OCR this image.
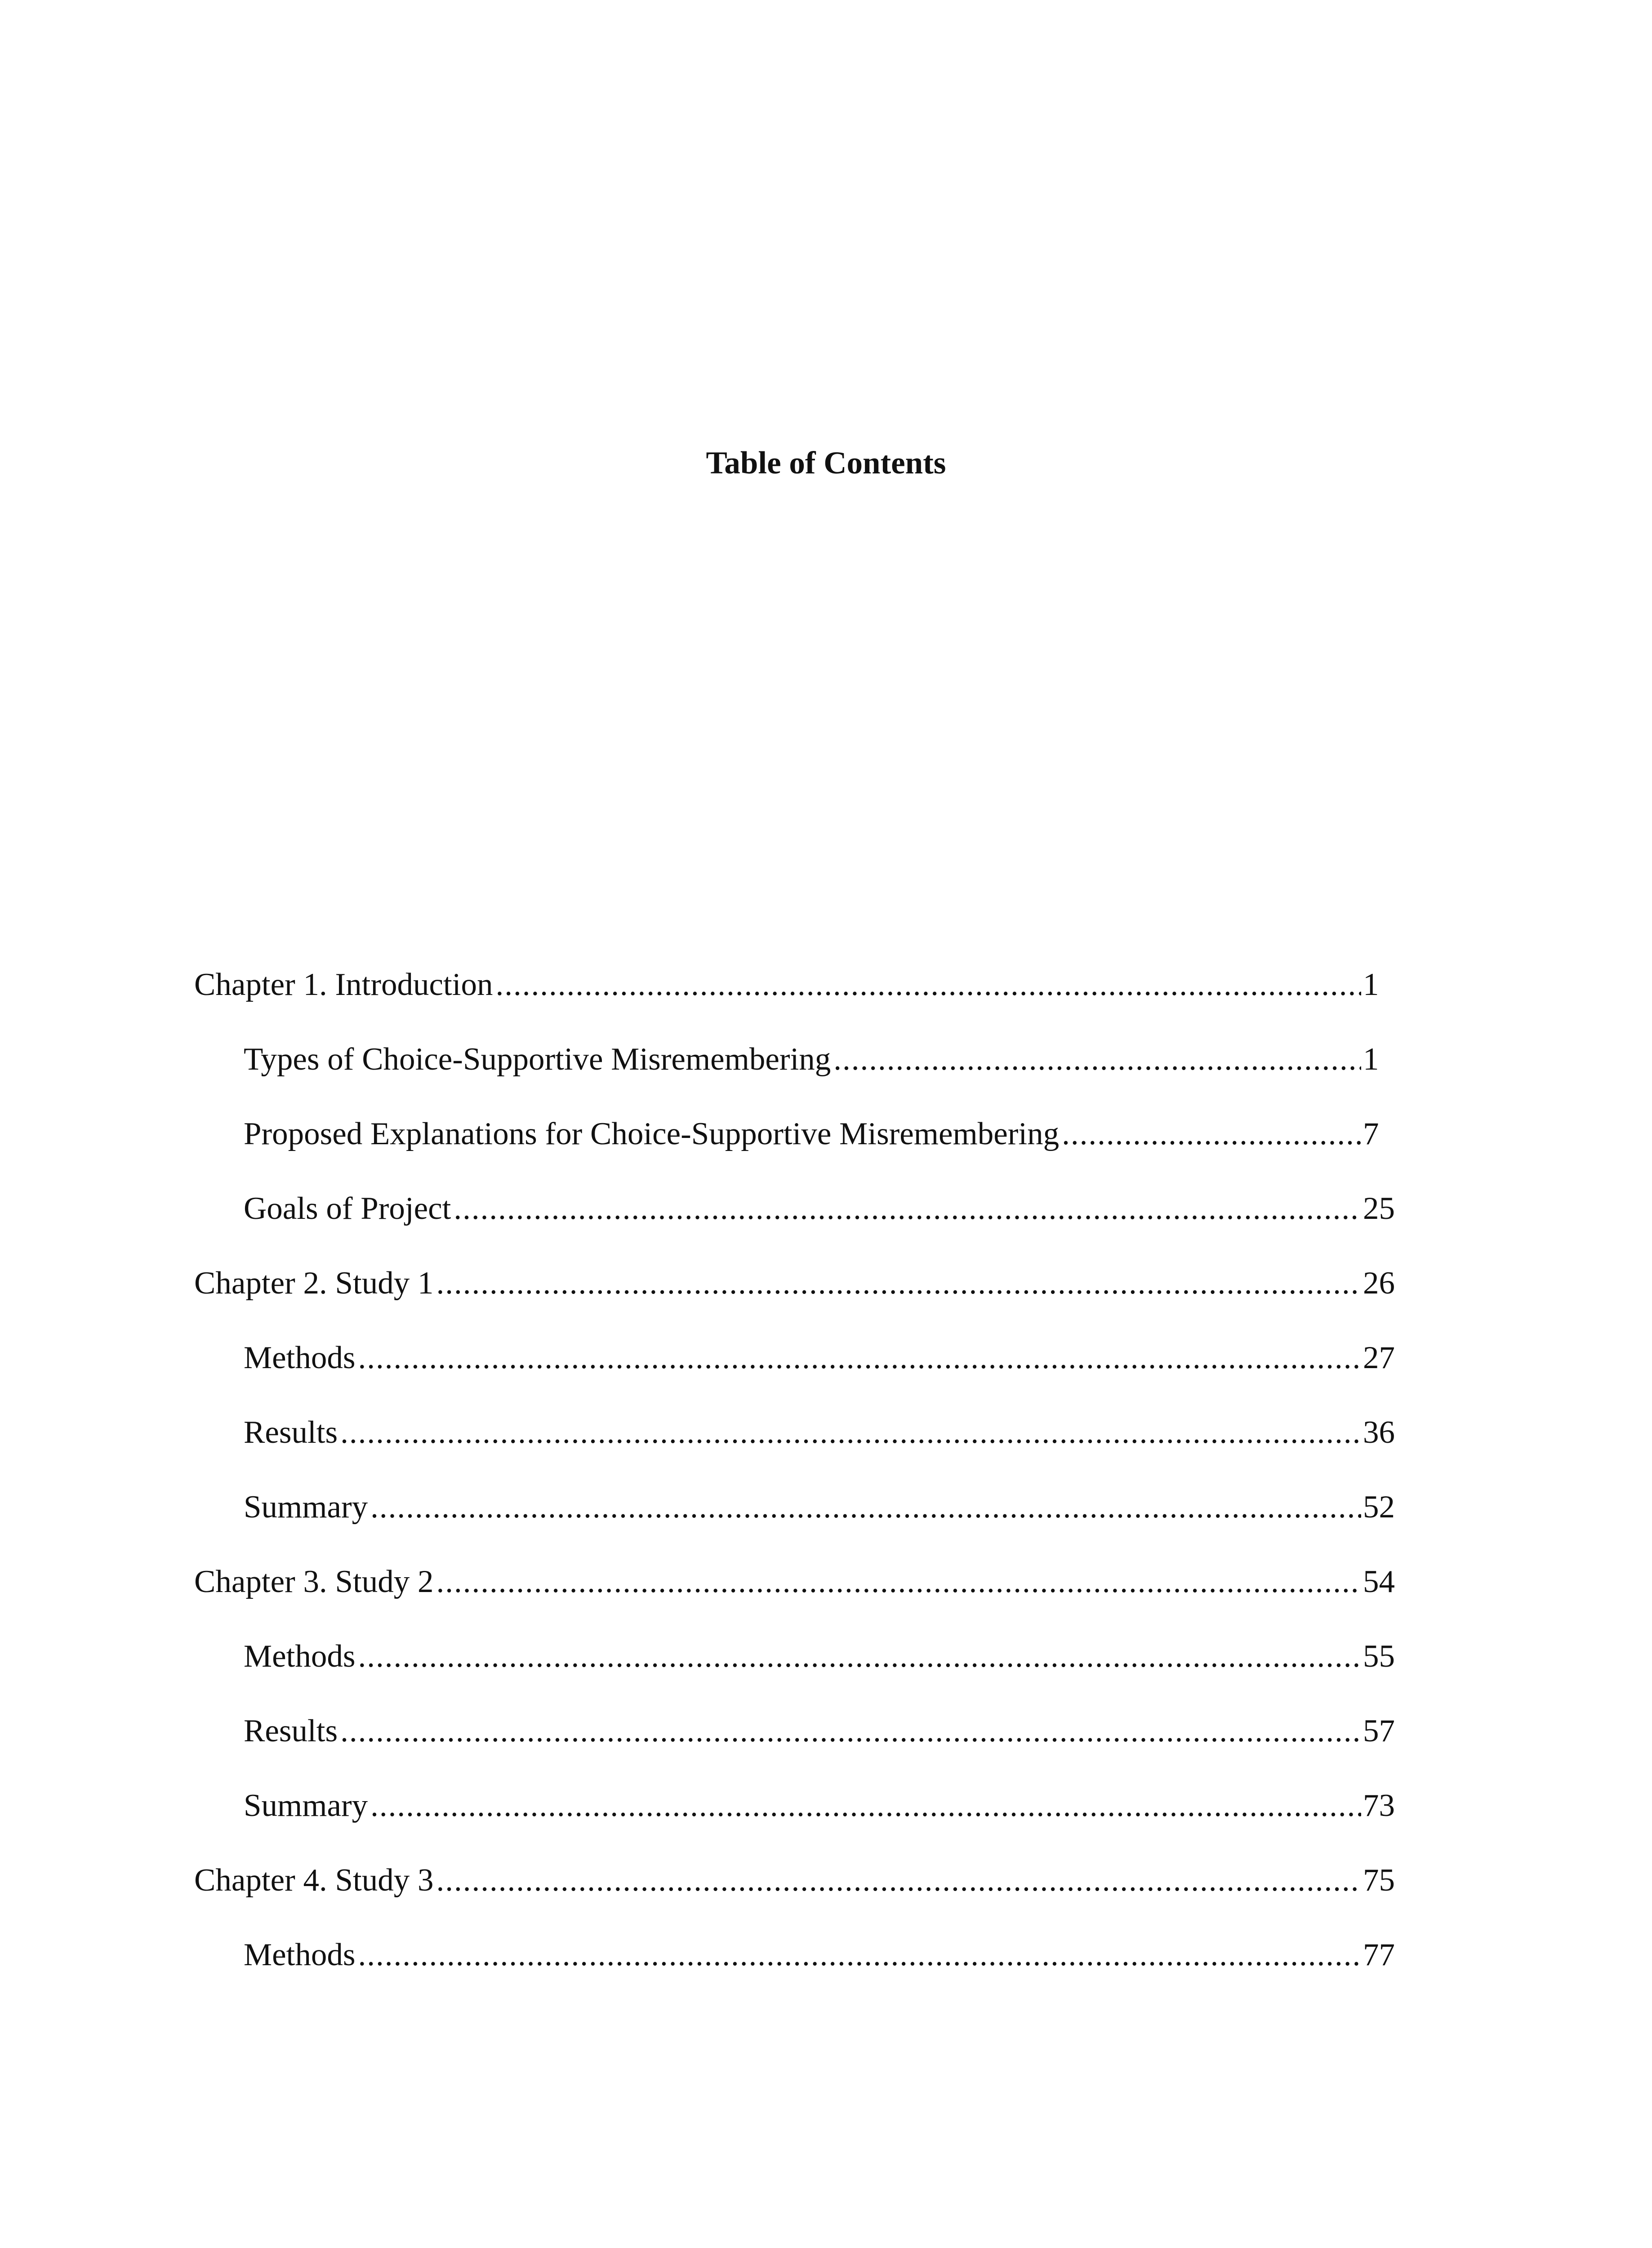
Table of Contents
Chapter 1. Introduction .....	1
Types of Choice-Supportive Misremembering .....	1
Proposed Explanations for Choice-Supportive Misremembering .....	7
Goals of Project .....	25
Chapter 2. Study 1 .....	26
Methods .....	27
Results .....	36
Summary .....	52
Chapter 3. Study 2 .....	54
Methods .....	55
Results .....	57
Summary .....	73
Chapter 4. Study 3 .....	75
Methods .....	77
